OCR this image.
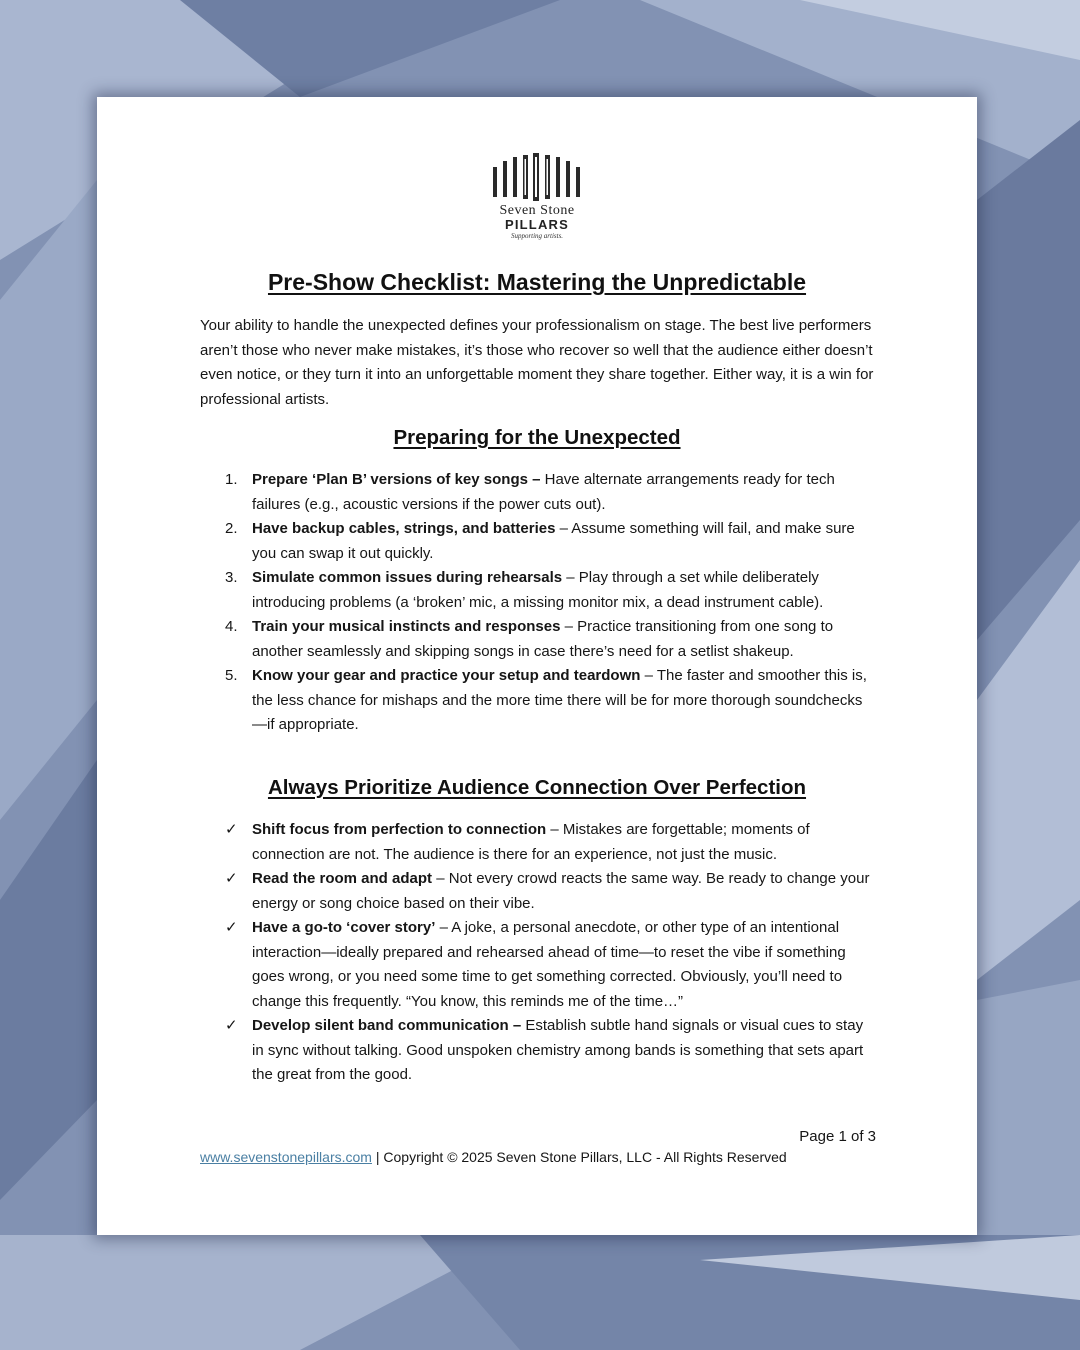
Seven Stone
PILLARS
Supporting artists.
Pre-Show Checklist: Mastering the Unpredictable

Your ability to handle the unexpected defines your professionalism on stage. The best live performers aren’t those who never make mistakes, it’s those who recover so well that the audience either doesn’t even notice, or they turn it into an unforgettable moment they share together. Either way, it is a win for professional artists.

Preparing for the Unexpected
1. Prepare ‘Plan B’ versions of key songs – Have alternate arrangements ready for tech failures (e.g., acoustic versions if the power cuts out).
2. Have backup cables, strings, and batteries – Assume something will fail, and make sure you can swap it out quickly.
3. Simulate common issues during rehearsals – Play through a set while deliberately introducing problems (a ‘broken’ mic, a missing monitor mix, a dead instrument cable).
4. Train your musical instincts and responses – Practice transitioning from one song to another seamlessly and skipping songs in case there’s need for a setlist shakeup.
5. Know your gear and practice your setup and teardown – The faster and smoother this is, the less chance for mishaps and the more time there will be for more thorough soundchecks—if appropriate.
Always Prioritize Audience Connection Over Perfection
✓ Shift focus from perfection to connection – Mistakes are forgettable; moments of connection are not. The audience is there for an experience, not just the music.
✓ Read the room and adapt – Not every crowd reacts the same way. Be ready to change your energy or song choice based on their vibe.
✓ Have a go-to ‘cover story’ – A joke, a personal anecdote, or other type of an intentional interaction—ideally prepared and rehearsed ahead of time—to reset the vibe if something goes wrong, or you need some time to get something corrected. Obviously, you’ll need to change this frequently. “You know, this reminds me of the time…”
✓ Develop silent band communication – Establish subtle hand signals or visual cues to stay in sync without talking. Good unspoken chemistry among bands is something that sets apart the great from the good.
Page 1 of 3
www.sevenstonepillars.com | Copyright © 2025 Seven Stone Pillars, LLC - All Rights Reserved
